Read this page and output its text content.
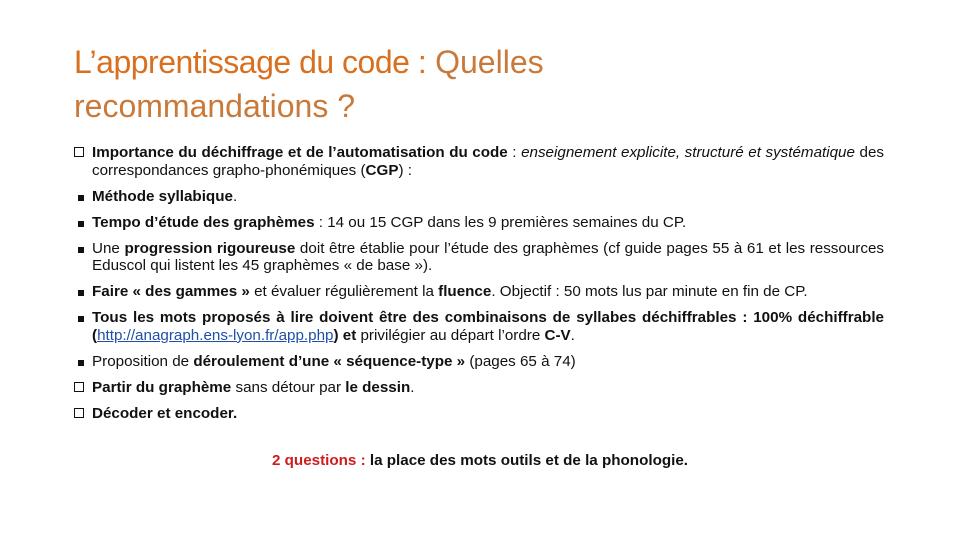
L’apprentissage du code : Quelles
recommandations ?
Importance du déchiffrage et de l’automatisation du code : enseignement explicite, structuré et systématique des correspondances grapho-phonémiques (CGP) :
Méthode syllabique.
Tempo d’étude des graphèmes : 14 ou 15 CGP dans les 9 premières semaines du CP.
Une progression rigoureuse doit être établie pour l’étude des graphèmes (cf guide pages 55 à 61 et les ressources Eduscol qui listent les 45 graphèmes « de base »).
Faire « des gammes » et évaluer régulièrement la fluence. Objectif : 50 mots lus par minute en fin de CP.
Tous les mots proposés à lire doivent être des combinaisons de syllabes déchiffrables : 100% déchiffrable (http://anagraph.ens-lyon.fr/app.php) et privilégier au départ l’ordre C-V.
Proposition de déroulement d’une « séquence-type » (pages 65 à 74)
Partir du graphème sans détour par le dessin.
Décoder et encoder.
2 questions : la place des mots outils et de la phonologie.
